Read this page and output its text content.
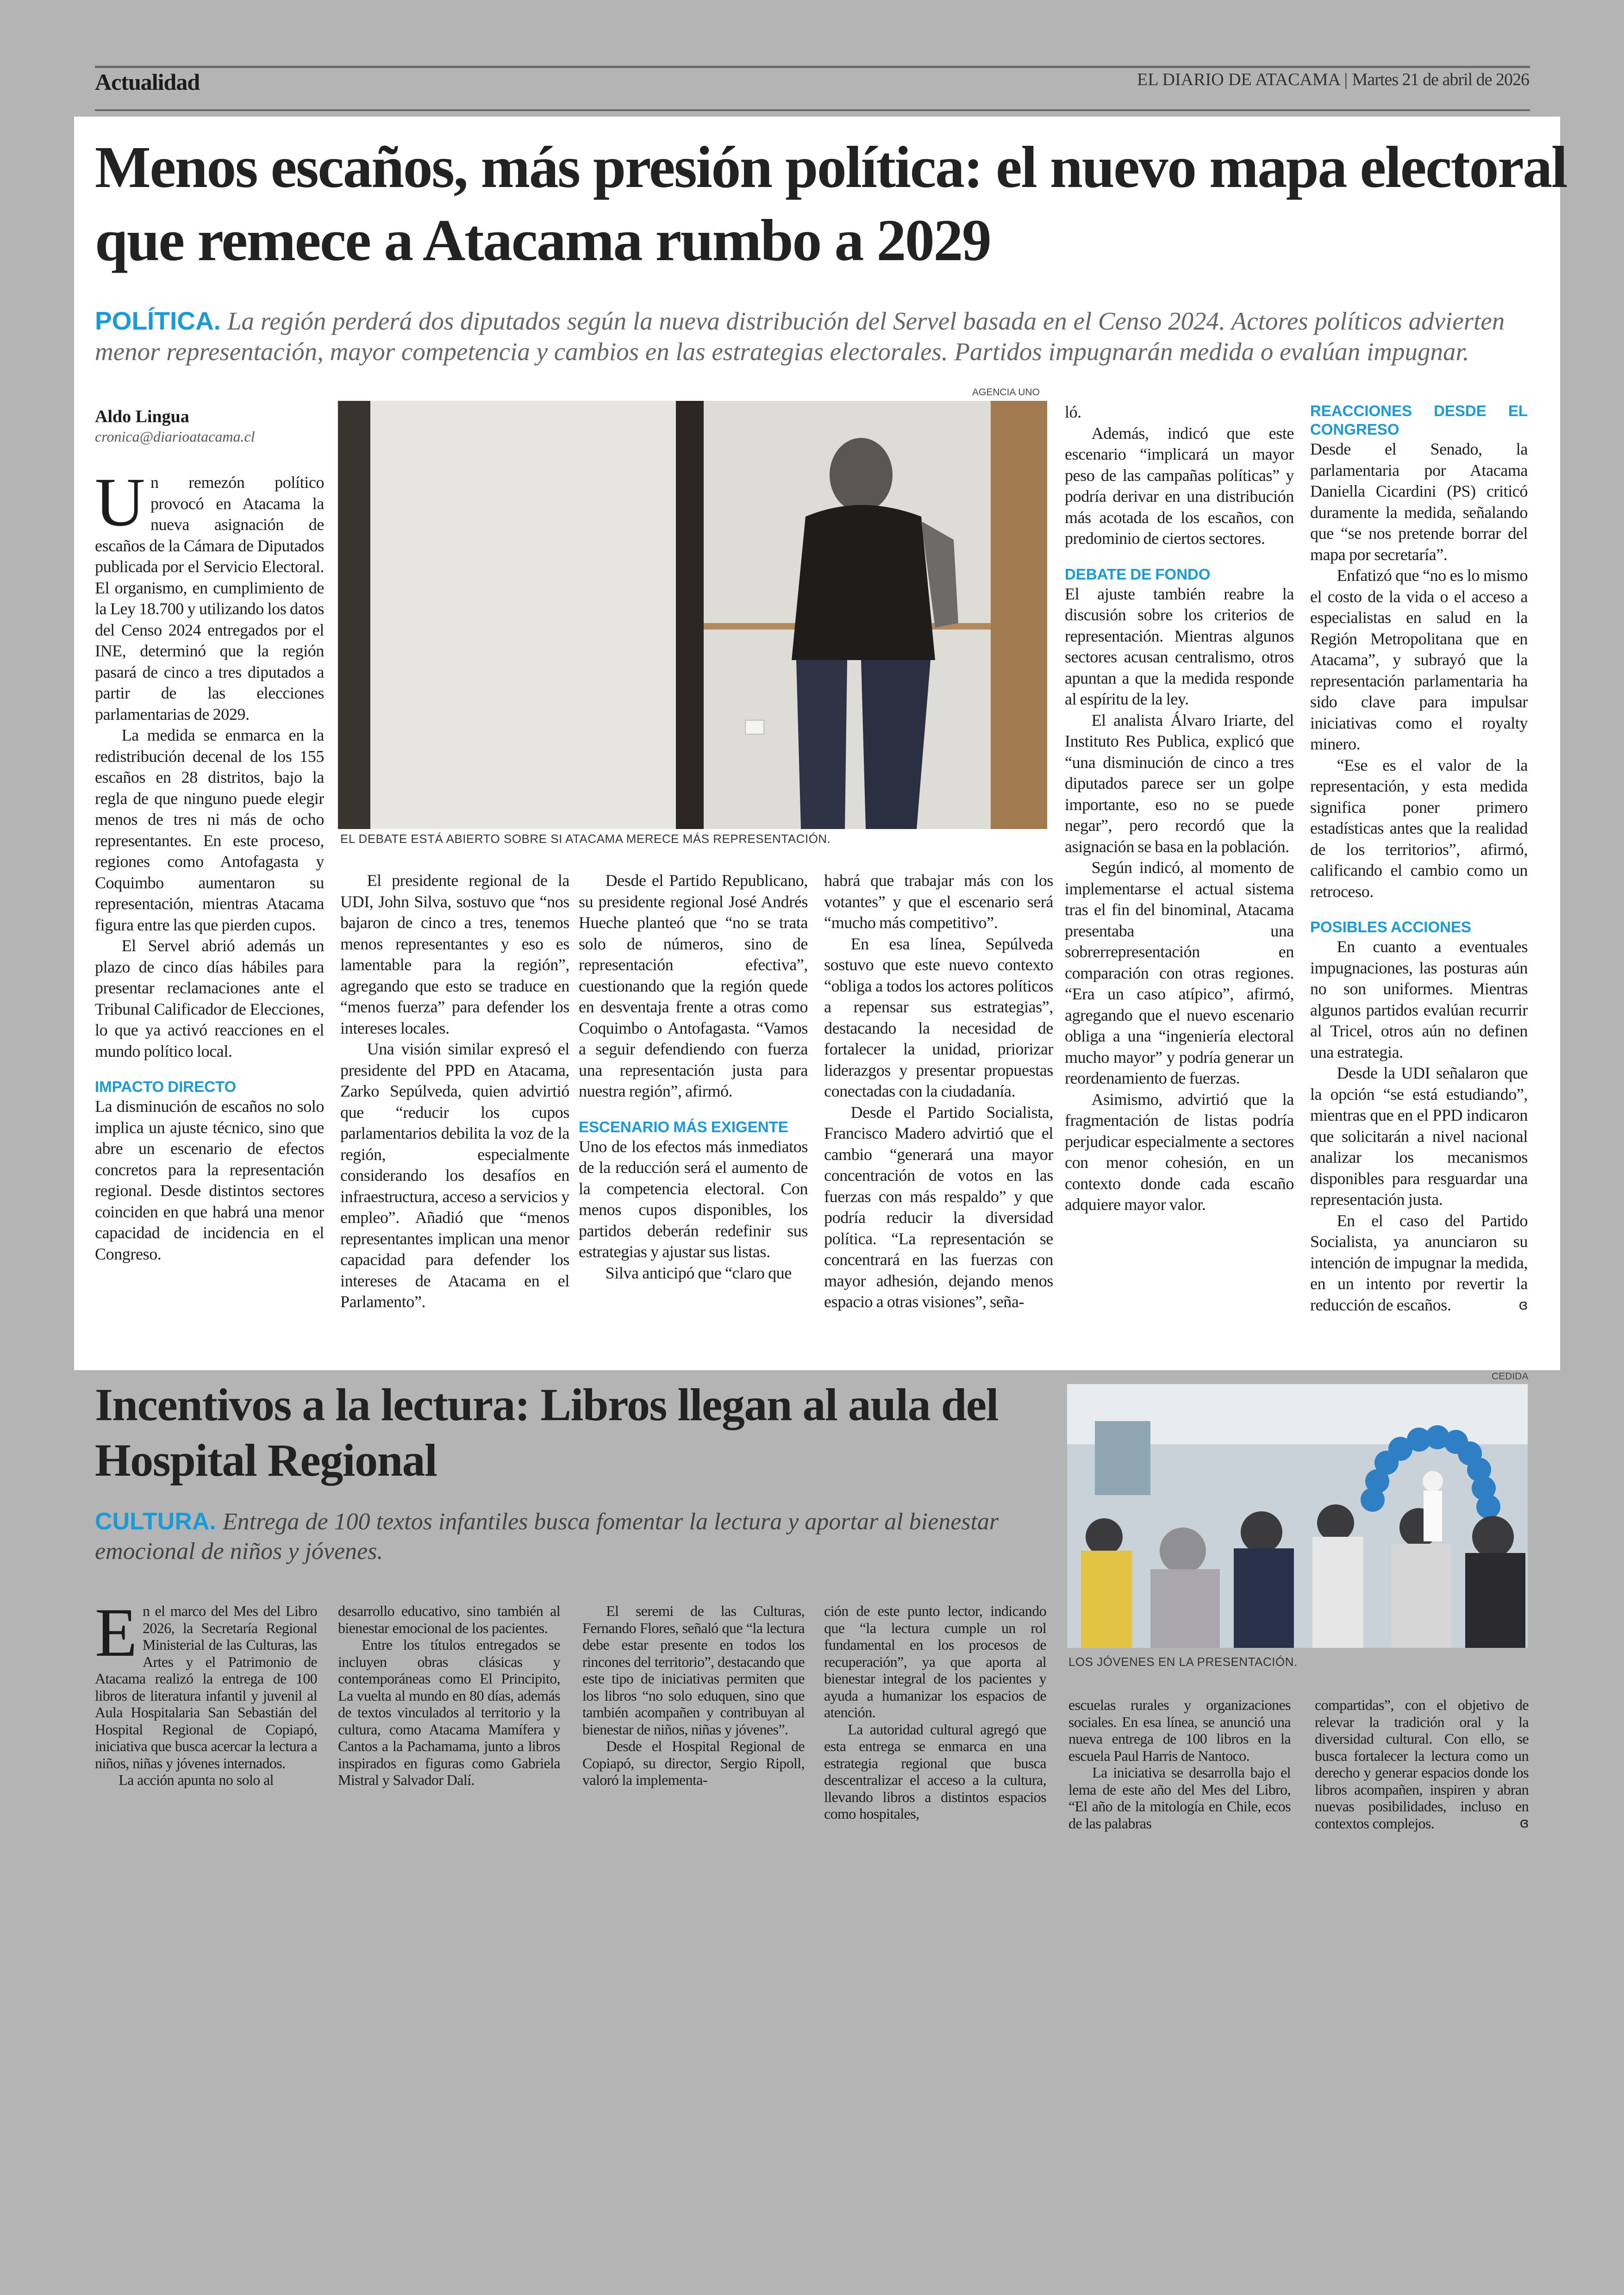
Actualidad	EL DIARIO DE ATACAMA | Martes 21 de abril de 2026
Menos escaños, más presión política: el nuevo mapa electoral que remece a Atacama rumbo a 2029
POLÍTICA. La región perderá dos diputados según la nueva distribución del Servel basada en el Censo 2024. Actores políticos advierten menor representación, mayor competencia y cambios en las estrategias electorales. Partidos impugnarán medida o evalúan impugnar.
Aldo Lingua
cronica@diarioatacama.cl
AGENCIA UNO
EL DEBATE ESTÁ ABIERTO SOBRE SI ATACAMA MERECE MÁS REPRESENTACIÓN.

Un remezón político provocó en Atacama la nueva asignación de escaños de la Cámara de Diputados publicada por el Servicio Electoral. El organismo, en cumplimiento de la Ley 18.700 y utilizando los datos del Censo 2024 entregados por el INE, determinó que la región pasará de cinco a tres diputados a partir de las elecciones parlamentarias de 2029.

La medida se enmarca en la redistribución decenal de los 155 escaños en 28 distritos, bajo la regla de que ninguno puede elegir menos de tres ni más de ocho representantes. En este proceso, regiones como Antofagasta y Coquimbo aumentaron su representación, mientras Atacama figura entre las que pierden cupos.

El Servel abrió además un plazo de cinco días hábiles para presentar reclamaciones ante el Tribunal Calificador de Elecciones, lo que ya activó reacciones en el mundo político local.

IMPACTO DIRECTO

La disminución de escaños no solo implica un ajuste técnico, sino que abre un escenario de efectos concretos para la representación regional. Desde distintos sectores coinciden en que habrá una menor capacidad de incidencia en el Congreso.

El presidente regional de la UDI, John Silva, sostuvo que “nos bajaron de cinco a tres, tenemos menos representantes y eso es lamentable para la región”, agregando que esto se traduce en “menos fuerza” para defender los intereses locales.

Una visión similar expresó el presidente del PPD en Atacama, Zarko Sepúlveda, quien advirtió que “reducir los cupos parlamentarios debilita la voz de la región, especialmente considerando los desafíos en infraestructura, acceso a servicios y empleo”. Añadió que “menos representantes implican una menor capacidad para defender los intereses de Atacama en el Parlamento”.

Desde el Partido Republicano, su presidente regional José Andrés Hueche planteó que “no se trata solo de números, sino de representación efectiva”, cuestionando que la región quede en desventaja frente a otras como Coquimbo o Antofagasta. “Vamos a seguir defendiendo con fuerza una representación justa para nuestra región”, afirmó.

ESCENARIO MÁS EXIGENTE

Uno de los efectos más inmediatos de la reducción será el aumento de la competencia electoral. Con menos cupos disponibles, los partidos deberán redefinir sus estrategias y ajustar sus listas.

Silva anticipó que “claro que

habrá que trabajar más con los votantes” y que el escenario será “mucho más competitivo”.

En esa línea, Sepúlveda sostuvo que este nuevo contexto “obliga a todos los actores políticos a repensar sus estrategias”, destacando la necesidad de fortalecer la unidad, priorizar liderazgos y presentar propuestas conectadas con la ciudadanía.

Desde el Partido Socialista, Francisco Madero advirtió que el cambio “generará una mayor concentración de votos en las fuerzas con más respaldo” y que podría reducir la diversidad política. “La representación se concentrará en las fuerzas con mayor adhesión, dejando menos espacio a otras visiones”, seña-

ló.

Además, indicó que este escenario “implicará un mayor peso de las campañas políticas” y podría derivar en una distribución más acotada de los escaños, con predominio de ciertos sectores.

DEBATE DE FONDO

El ajuste también reabre la discusión sobre los criterios de representación. Mientras algunos sectores acusan centralismo, otros apuntan a que la medida responde al espíritu de la ley.

El analista Álvaro Iriarte, del Instituto Res Publica, explicó que “una disminución de cinco a tres diputados parece ser un golpe importante, eso no se puede negar”, pero recordó que la asignación se basa en la población.

Según indicó, al momento de implementarse el actual sistema tras el fin del binominal, Atacama presentaba una sobrerrepresentación en comparación con otras regiones. “Era un caso atípico”, afirmó, agregando que el nuevo escenario obliga a una “ingeniería electoral mucho mayor” y podría generar un reordenamiento de fuerzas.

Asimismo, advirtió que la fragmentación de listas podría perjudicar especialmente a sectores con menor cohesión, en un contexto donde cada escaño adquiere mayor valor.

REACCIONES DESDE EL CONGRESO

Desde el Senado, la parlamentaria por Atacama Daniella Cicardini (PS) criticó duramente la medida, señalando que “se nos pretende borrar del mapa por secretaría”.

Enfatizó que “no es lo mismo el costo de la vida o el acceso a especialistas en salud en la Región Metropolitana que en Atacama”, y subrayó que la representación parlamentaria ha sido clave para impulsar iniciativas como el royalty minero.

“Ese es el valor de la representación, y esta medida significa poner primero estadísticas antes que la realidad de los territorios”, afirmó, calificando el cambio como un retroceso.

POSIBLES ACCIONES

En cuanto a eventuales impugnaciones, las posturas aún no son uniformes. Mientras algunos partidos evalúan recurrir al Tricel, otros aún no definen una estrategia.

Desde la UDI señalaron que la opción “se está estudiando”, mientras que en el PPD indicaron que solicitarán a nivel nacional analizar los mecanismos disponibles para resguardar una representación justa.

En el caso del Partido Socialista, ya anunciaron su intención de impugnar la medida, en un intento por revertir la reducción de escaños.	ɞ

Incentivos a la lectura: Libros llegan al aula del Hospital Regional
CULTURA. Entrega de 100 textos infantiles busca fomentar la lectura y aportar al bienestar emocional de niños y jóvenes.
CEDIDA
LOS JÓVENES EN LA PRESENTACIÓN.

En el marco del Mes del Libro 2026, la Secretaría Regional Ministerial de las Culturas, las Artes y el Patrimonio de Atacama realizó la entrega de 100 libros de literatura infantil y juvenil al Aula Hospitalaria San Sebastián del Hospital Regional de Copiapó, iniciativa que busca acercar la lectura a niños, niñas y jóvenes internados.

La acción apunta no solo al

desarrollo educativo, sino también al bienestar emocional de los pacientes.

Entre los títulos entregados se incluyen obras clásicas y contemporáneas como El Principito, La vuelta al mundo en 80 días, además de textos vinculados al territorio y la cultura, como Atacama Mamífera y Cantos a la Pachamama, junto a libros inspirados en figuras como Gabriela Mistral y Salvador Dalí.

El seremi de las Culturas, Fernando Flores, señaló que “la lectura debe estar presente en todos los rincones del territorio”, destacando que este tipo de iniciativas permiten que los libros “no solo eduquen, sino que también acompañen y contribuyan al bienestar de niños, niñas y jóvenes”.

Desde el Hospital Regional de Copiapó, su director, Sergio Ripoll, valoró la implementa-

ción de este punto lector, indicando que “la lectura cumple un rol fundamental en los procesos de recuperación”, ya que aporta al bienestar integral de los pacientes y ayuda a humanizar los espacios de atención.

La autoridad cultural agregó que esta entrega se enmarca en una estrategia regional que busca descentralizar el acceso a la cultura, llevando libros a distintos espacios como hospitales,

escuelas rurales y organizaciones sociales. En esa línea, se anunció una nueva entrega de 100 libros en la escuela Paul Harris de Nantoco.

La iniciativa se desarrolla bajo el lema de este año del Mes del Libro, “El año de la mitología en Chile, ecos de las palabras

compartidas”, con el objetivo de relevar la tradición oral y la diversidad cultural. Con ello, se busca fortalecer la lectura como un derecho y generar espacios donde los libros acompañen, inspiren y abran nuevas posibilidades, incluso en contextos complejos.	ɞ
